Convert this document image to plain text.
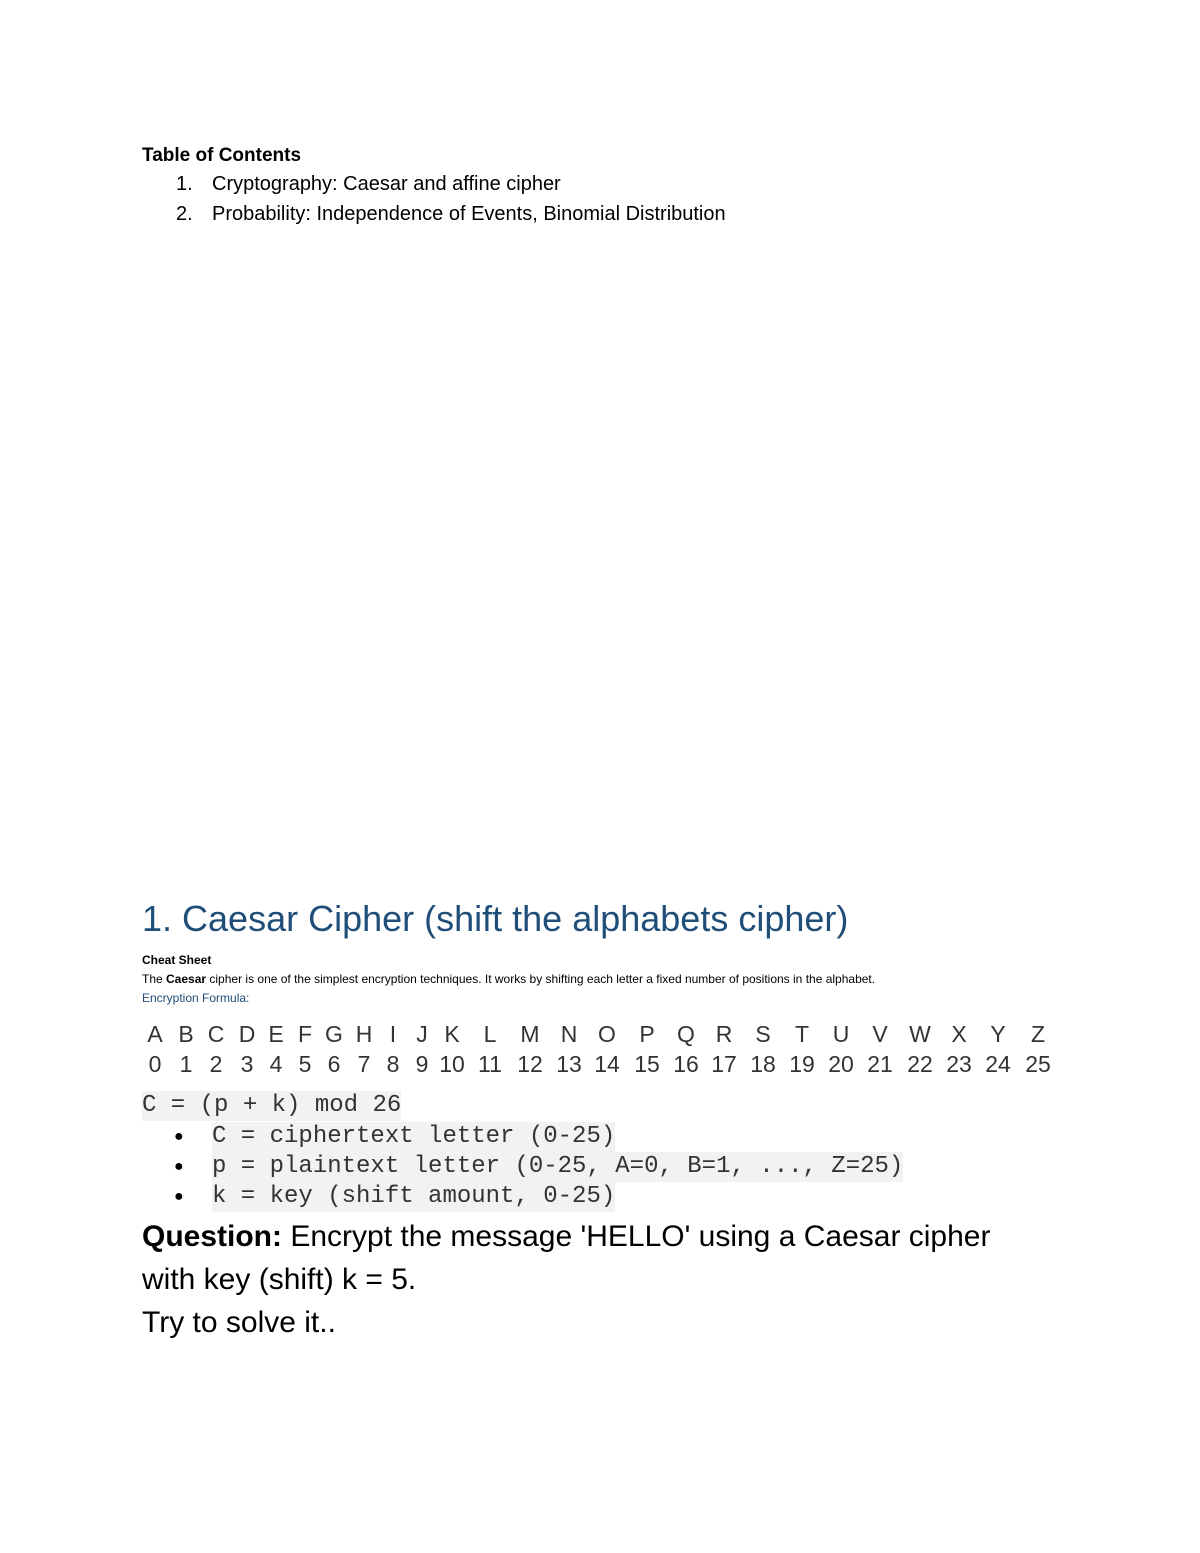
Table of Contents
1. Cryptography: Caesar and affine cipher
2. Probability: Independence of Events, Binomial Distribution
1. Caesar Cipher (shift the alphabets cipher)
Cheat Sheet
The Caesar cipher is one of the simplest encryption techniques. It works by shifting each letter a fixed number of positions in the alphabet.
Encryption Formula:
A B C D E F G H I J K L M N O P Q R S T U V W X Y Z
0 1 2 3 4 5 6 7 8 9 10 11 12 13 14 15 16 17 18 19 20 21 22 23 24 25
C = (p + k) mod 26
● C = ciphertext letter (0-25)
● p = plaintext letter (0-25, A=0, B=1, ..., Z=25)
● k = key (shift amount, 0-25)
Question: Encrypt the message 'HELLO' using a Caesar cipher
with key (shift) k = 5.
Try to solve it..
